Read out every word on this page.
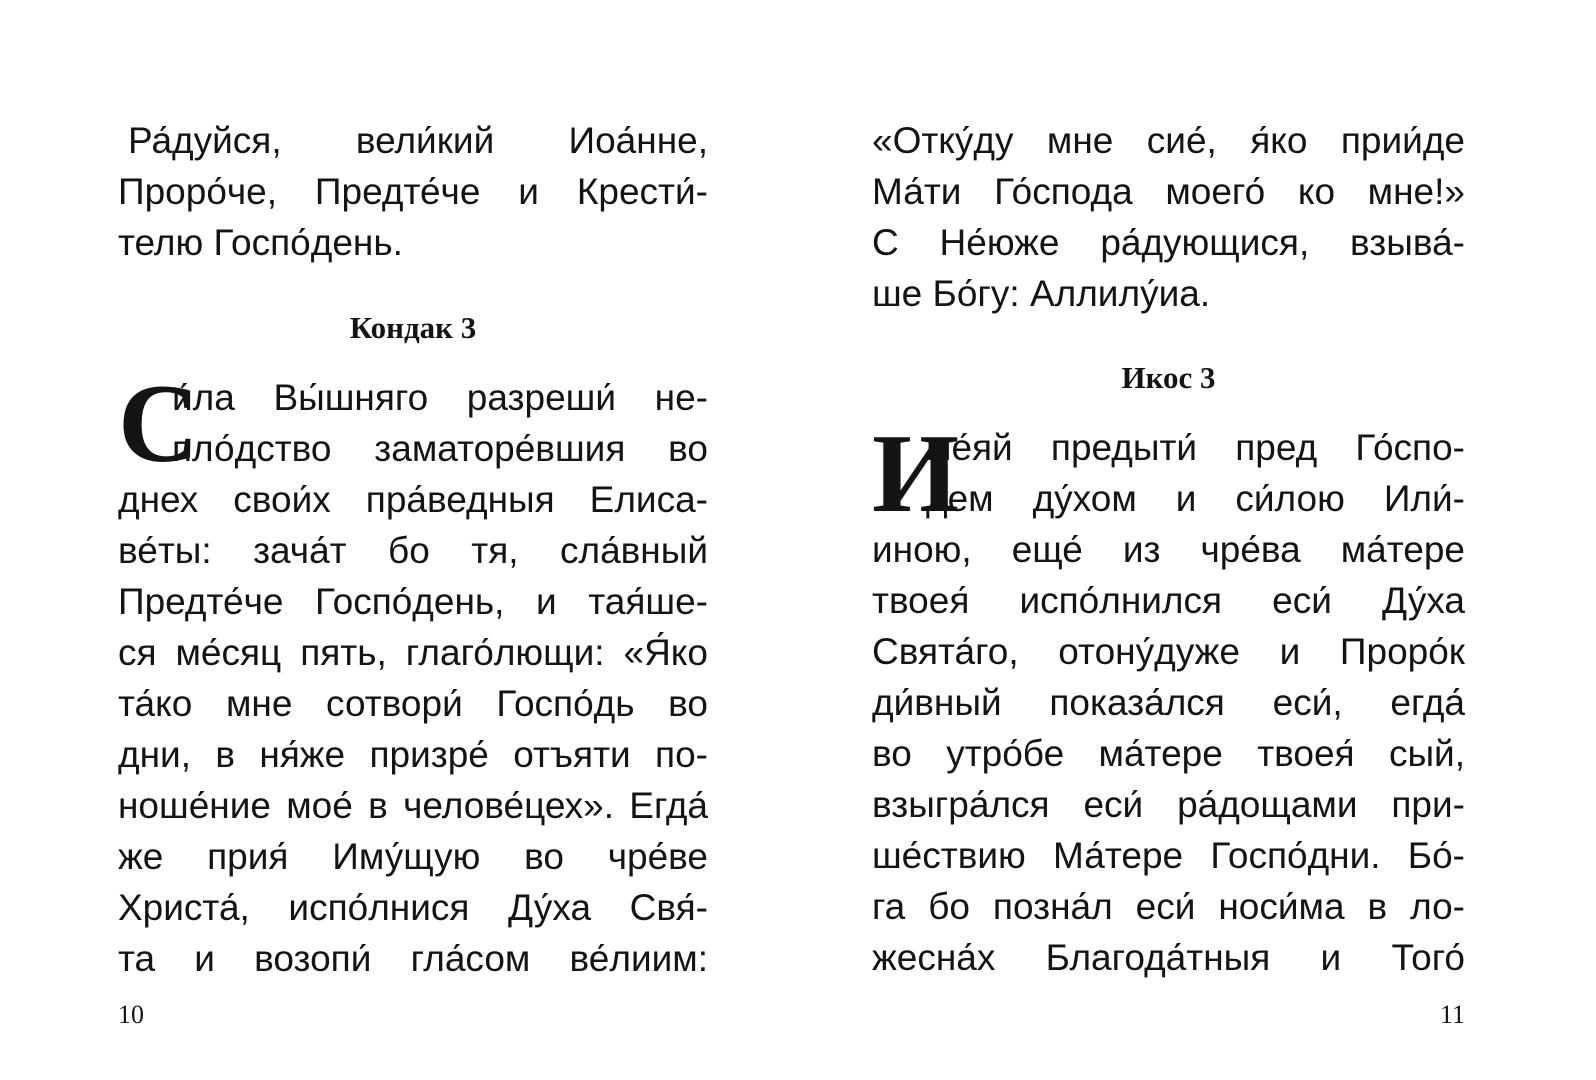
Ра́дуйся, вели́кий Иоа́нне,
Проро́че, Предте́че и Крести́-
телю Госпо́день.
Кондак 3
С
и́ла Вы́шняго разреши́ не-
пло́дство заматоре́вшия во
днех свои́х пра́ведныя Елиса-
ве́ты: зача́т бо тя, сла́вный
Предте́че Госпо́день, и тая́ше-
ся ме́сяц пять, глаго́лющи: «Я́ко
та́ко мне сотвори́ Госпо́дь во
дни, в ня́же призре́ отъяти по-
ноше́ние мое́ в челове́цех». Егда́
же прия́ Иму́щую во чре́ве
Христа́, испо́лнися Ду́ха Свя́-
та и возопи́ гла́сом ве́лиим:
10
«Отку́ду мне сие́, я́ко прии́де
Ма́ти Го́спода моего́ ко мне!»
С Не́юже ра́дующися, взыва́-
ше Бо́гу: Аллилу́иа.
Икос 3
И
ме́яй предыти́ пред Го́спо-
дем ду́хом и си́лою Или́-
иною, еще́ из чре́ва ма́тере
твоея́ испо́лнился еси́ Ду́ха
Свята́го, отону́дуже и Проро́к
ди́вный показа́лся еси́, егда́
во утро́бе ма́тере твоея́ сый,
взыгра́лся еси́ ра́дощами при-
ше́ствию Ма́тере Госпо́дни. Бо́-
га бо позна́л еси́ носи́ма в ло-
жесна́х Благода́тныя и Того́
11
